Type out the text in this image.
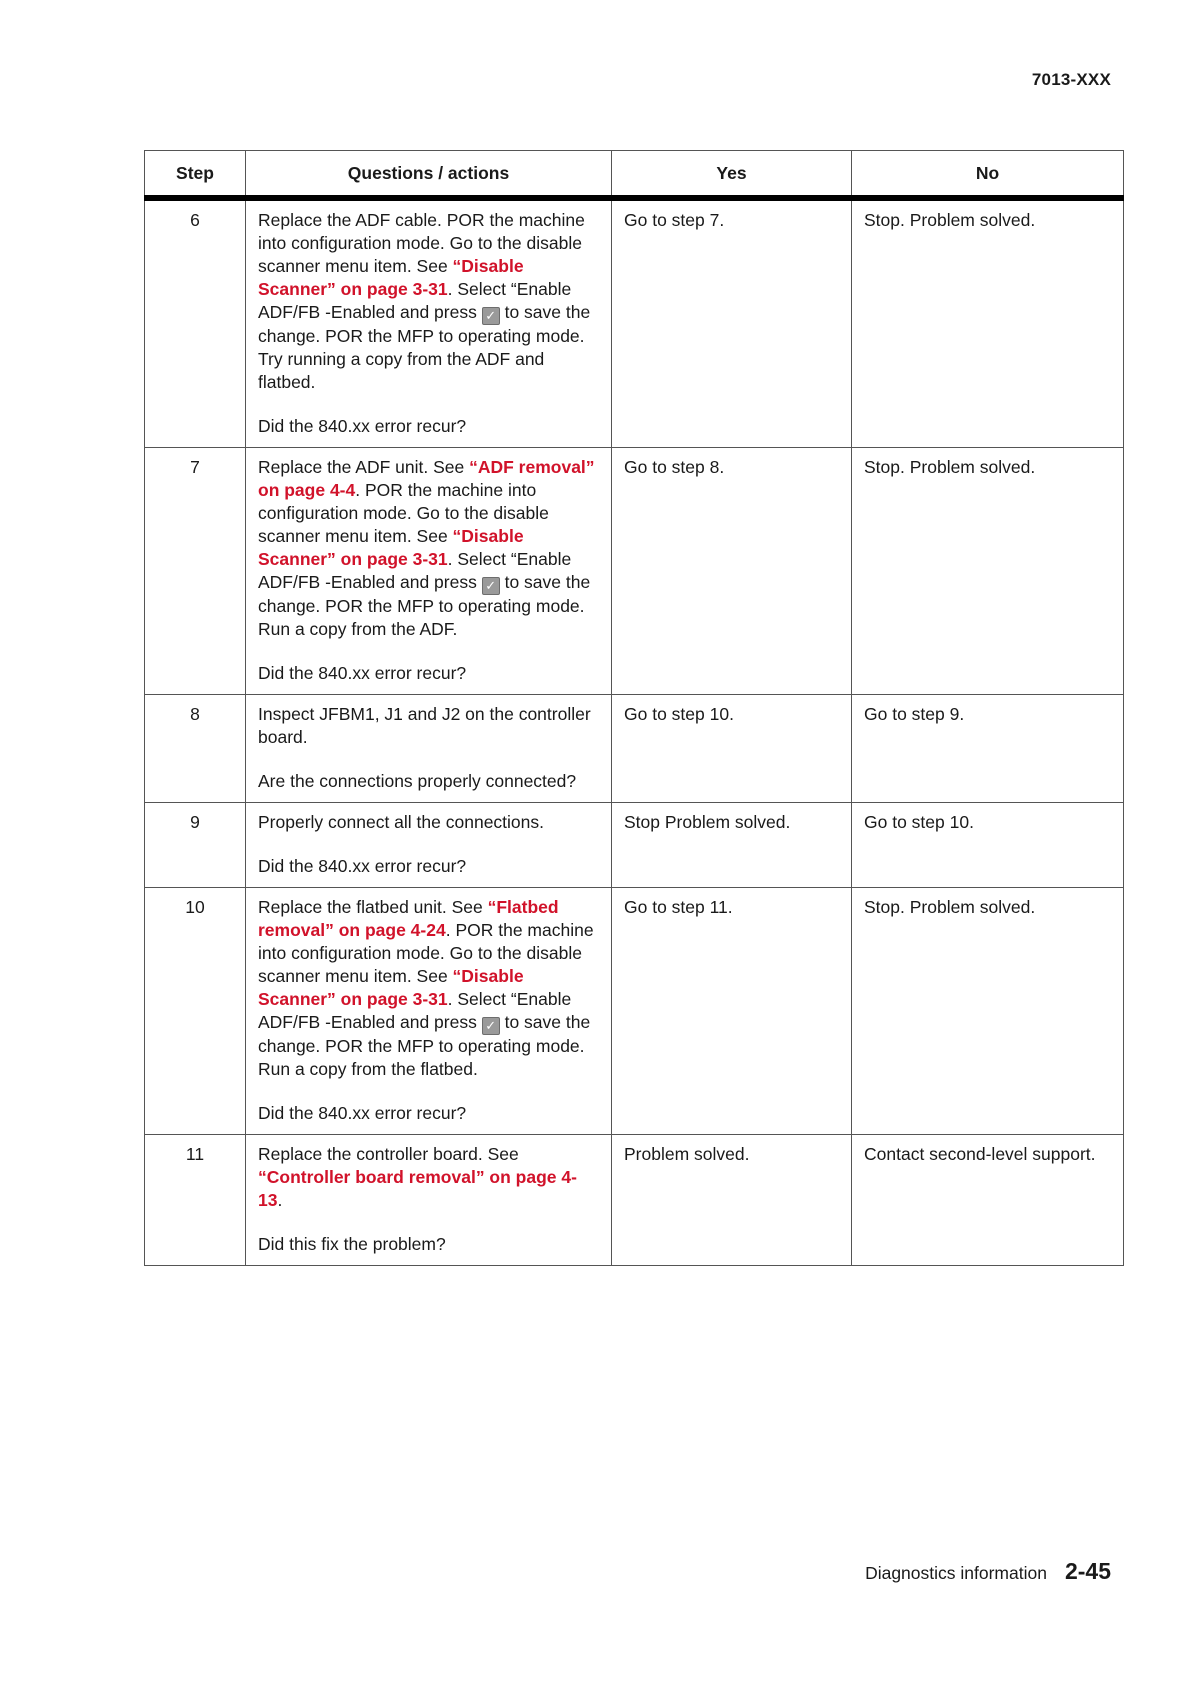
7013-XXX
Step	Questions / actions	Yes	No
6	Replace the ADF cable. POR the machine into configuration mode. Go to the disable scanner menu item. See “Disable Scanner” on page 3-31. Select “Enable ADF/FB -Enabled and press ✓ to save the change. POR the MFP to operating mode. Try running a copy from the ADF and flatbed.

Did the 840.xx error recur?	Go to step 7.	Stop. Problem solved.
7	Replace the ADF unit. See “ADF removal” on page 4-4. POR the machine into configuration mode. Go to the disable scanner menu item. See “Disable Scanner” on page 3-31. Select “Enable ADF/FB -Enabled and press ✓ to save the change. POR the MFP to operating mode. Run a copy from the ADF.

Did the 840.xx error recur?	Go to step 8.	Stop. Problem solved.
8	Inspect JFBM1, J1 and J2 on the controller board.

Are the connections properly connected?	Go to step 10.	Go to step 9.
9	Properly connect all the connections.

Did the 840.xx error recur?	Stop Problem solved.	Go to step 10.
10	Replace the flatbed unit. See “Flatbed removal” on page 4-24. POR the machine into configuration mode. Go to the disable scanner menu item. See “Disable Scanner” on page 3-31. Select “Enable ADF/FB -Enabled and press ✓ to save the change. POR the MFP to operating mode. Run a copy from the flatbed.

Did the 840.xx error recur?	Go to step 11.	Stop. Problem solved.
11	Replace the controller board. See “Controller board removal” on page 4-13.

Did this fix the problem?	Problem solved.	Contact second-level support.
Diagnostics information 2-45
